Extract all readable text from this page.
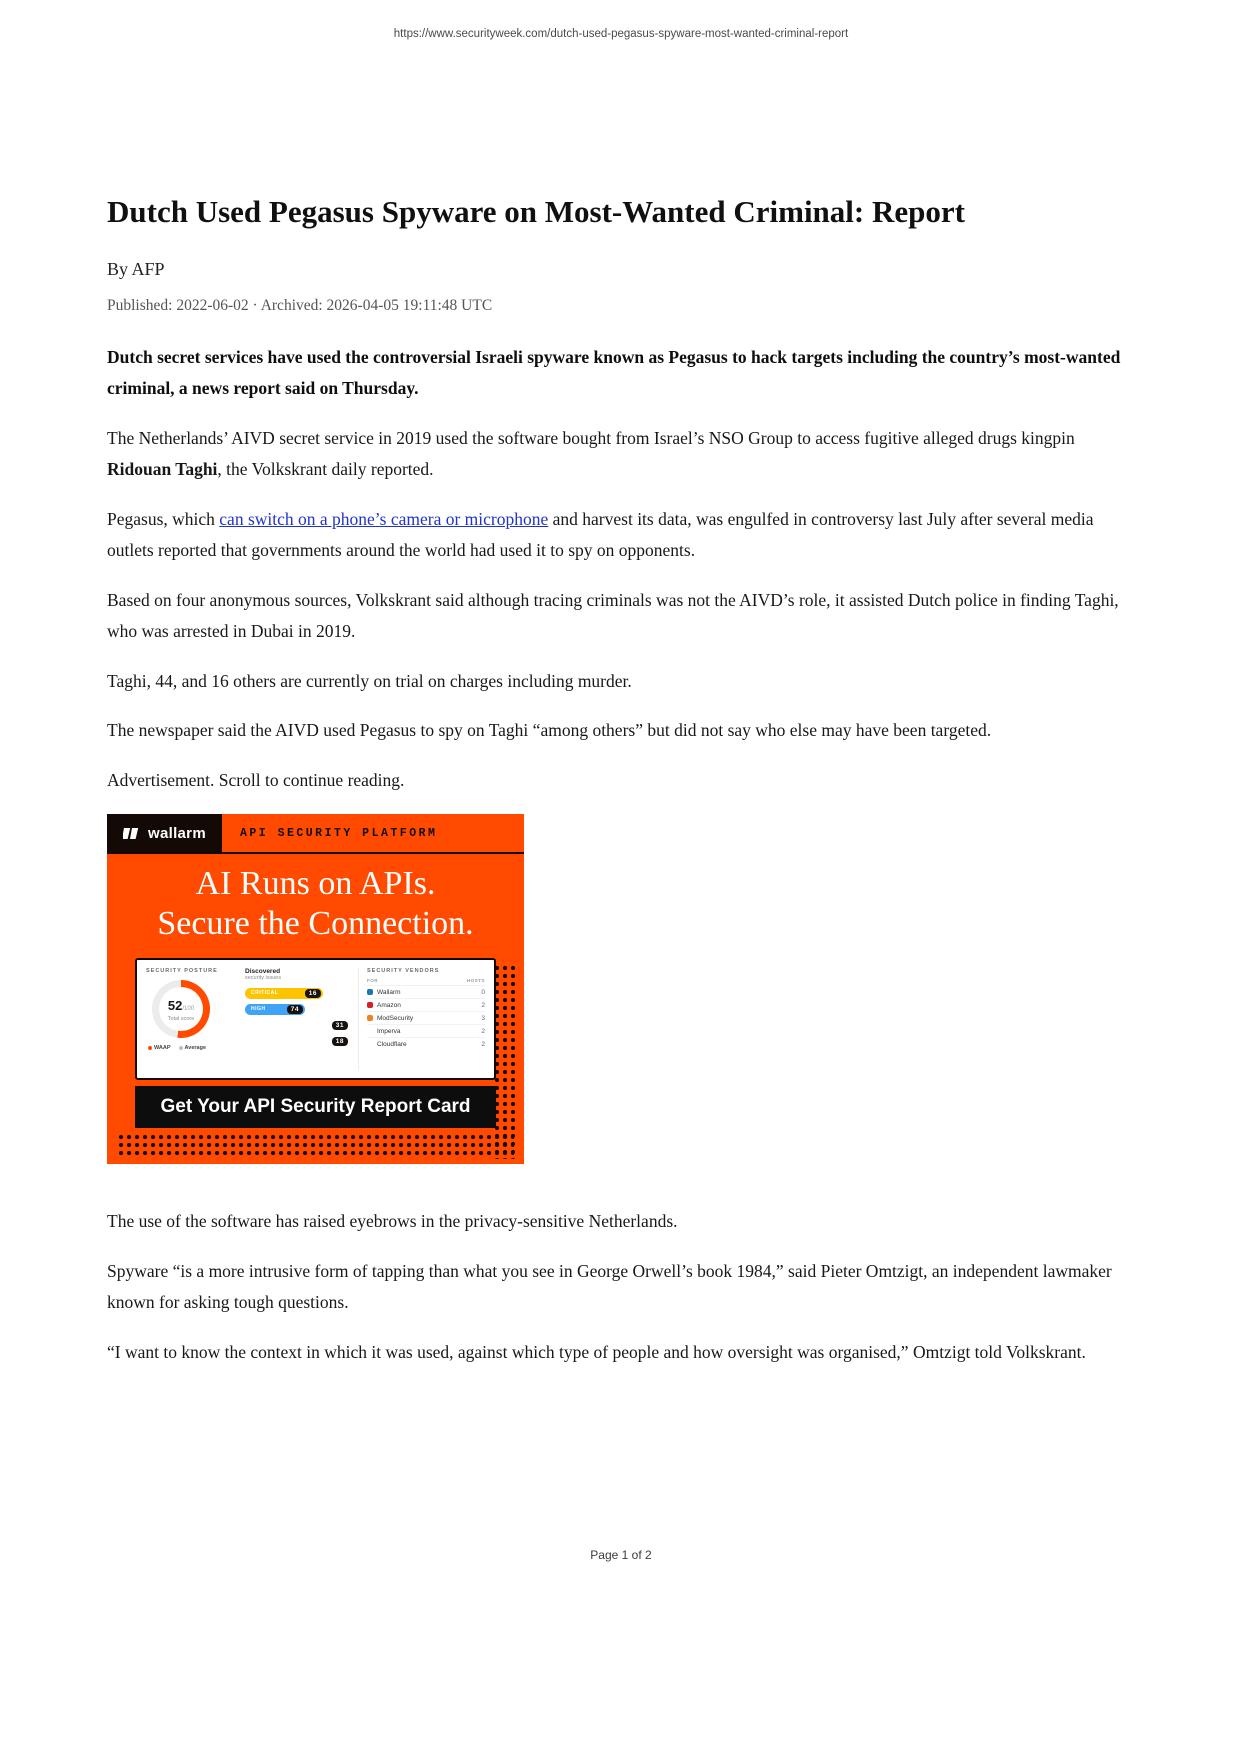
https://www.securityweek.com/dutch-used-pegasus-spyware-most-wanted-criminal-report
Dutch Used Pegasus Spyware on Most-Wanted Criminal: Report
By AFP
Published: 2022-06-02 · Archived: 2026-04-05 19:11:48 UTC

Dutch secret services have used the controversial Israeli spyware known as Pegasus to hack targets including the country’s most-wanted criminal, a news report said on Thursday.

The Netherlands’ AIVD secret service in 2019 used the software bought from Israel’s NSO Group to access fugitive alleged drugs kingpin Ridouan Taghi, the Volkskrant daily reported.

Pegasus, which can switch on a phone’s camera or microphone and harvest its data, was engulfed in controversy last July after several media outlets reported that governments around the world had used it to spy on opponents.

Based on four anonymous sources, Volkskrant said although tracing criminals was not the AIVD’s role, it assisted Dutch police in finding Taghi, who was arrested in Dubai in 2019.

Taghi, 44, and 16 others are currently on trial on charges including murder.

The newspaper said the AIVD used Pegasus to spy on Taghi “among others” but did not say who else may have been targeted.

Advertisement. Scroll to continue reading.

wallarm	API SECURITY PLATFORM
AI Runs on APIs.
Secure the Connection.
SECURITY POSTURE
52/100
Total score
WAAP	Average
Discovered
security issues
CRITICAL	16
HIGH	74
MEDIUM	31
LOW	18
SECURITY VENDORS
FOR	HOSTS
Wallarm	0
Amazon	2
ModSecurity	3
Imperva	2
Cloudflare	2
Get Your API Security Report Card

The use of the software has raised eyebrows in the privacy-sensitive Netherlands.

Spyware “is a more intrusive form of tapping than what you see in George Orwell’s book 1984,” said Pieter Omtzigt, an independent lawmaker known for asking tough questions.

“I want to know the context in which it was used, against which type of people and how oversight was organised,” Omtzigt told Volkskrant.

Page 1 of 2
